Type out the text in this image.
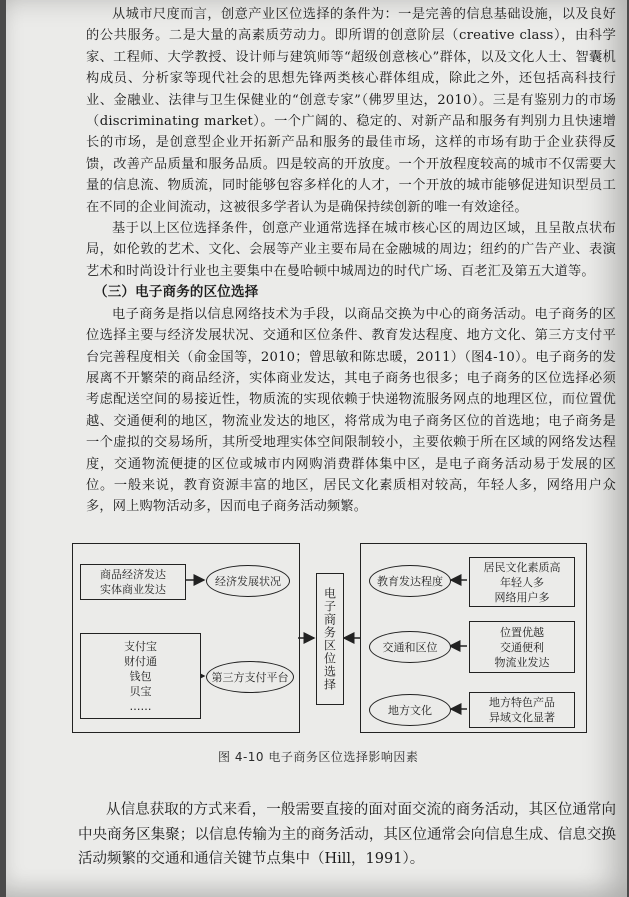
从城市尺度而言，创意产业区位选择的条件为：一是完善的信息基础设施，以及良好的公共服务。二是大量的高素质劳动力。即所谓的创意阶层（creative class），由科学家、工程师、大学教授、设计师与建筑师等“超级创意核心”群体，以及文化人士、智囊机构成员、分析家等现代社会的思想先锋两类核心群体组成，除此之外，还包括高科技行业、金融业、法律与卫生保健业的“创意专家”（佛罗里达，2010）。三是有鉴别力的市场（discriminating market）。一个广阔的、稳定的、对新产品和服务有判别力且快速增长的市场，是创意型企业开拓新产品和服务的最佳市场，这样的市场有助于企业获得反馈，改善产品质量和服务品质。四是较高的开放度。一个开放程度较高的城市不仅需要大量的信息流、物质流，同时能够包容多样化的人才，一个开放的城市能够促进知识型员工在不同的企业间流动，这被很多学者认为是确保持续创新的唯一有效途径。

基于以上区位选择条件，创意产业通常选择在城市核心区的周边区域，且呈散点状布局，如伦敦的艺术、文化、会展等产业主要布局在金融城的周边；纽约的广告产业、表演艺术和时尚设计行业也主要集中在曼哈顿中城周边的时代广场、百老汇及第五大道等。

（三）电子商务的区位选择

电子商务是指以信息网络技术为手段，以商品交换为中心的商务活动。电子商务的区位选择主要与经济发展状况、交通和区位条件、教育发达程度、地方文化、第三方支付平台完善程度相关（俞金国等，2010；曾思敏和陈忠暖，2011）（图4-10）。电子商务的发展离不开繁荣的商品经济，实体商业发达，其电子商务也很多；电子商务的区位选择必须考虑配送空间的易接近性，物质流的实现依赖于快递物流服务网点的地理区位，而位置优越、交通便利的地区，物流业发达的地区，将常成为电子商务区位的首选地；电子商务是一个虚拟的交易场所，其所受地理实体空间限制较小，主要依赖于所在区域的网络发达程度，交通物流便捷的区位或城市内网购消费群体集中区，是电子商务活动易于发展的区位。一般来说，教育资源丰富的地区，居民文化素质相对较高，年轻人多，网络用户众多，网上购物活动多，因而电子商务活动频繁。

商品经济发达
实体商业发达
经济发展状况
支付宝
财付通
钱包
贝宝
……
第三方支付平台	电子商务区位选择
教育发达程度
居民文化素质高
年轻人多
网络用户多
交通和区位
位置优越
交通便利
物流业发达
地方文化
地方特色产品
异域文化显著
图 4-10 电子商务区位选择影响因素

从信息获取的方式来看，一般需要直接的面对面交流的商务活动，其区位通常向中央商务区集聚；以信息传输为主的商务活动，其区位通常会向信息生成、信息交换活动频繁的交通和通信关键节点集中（Hill，1991）。
